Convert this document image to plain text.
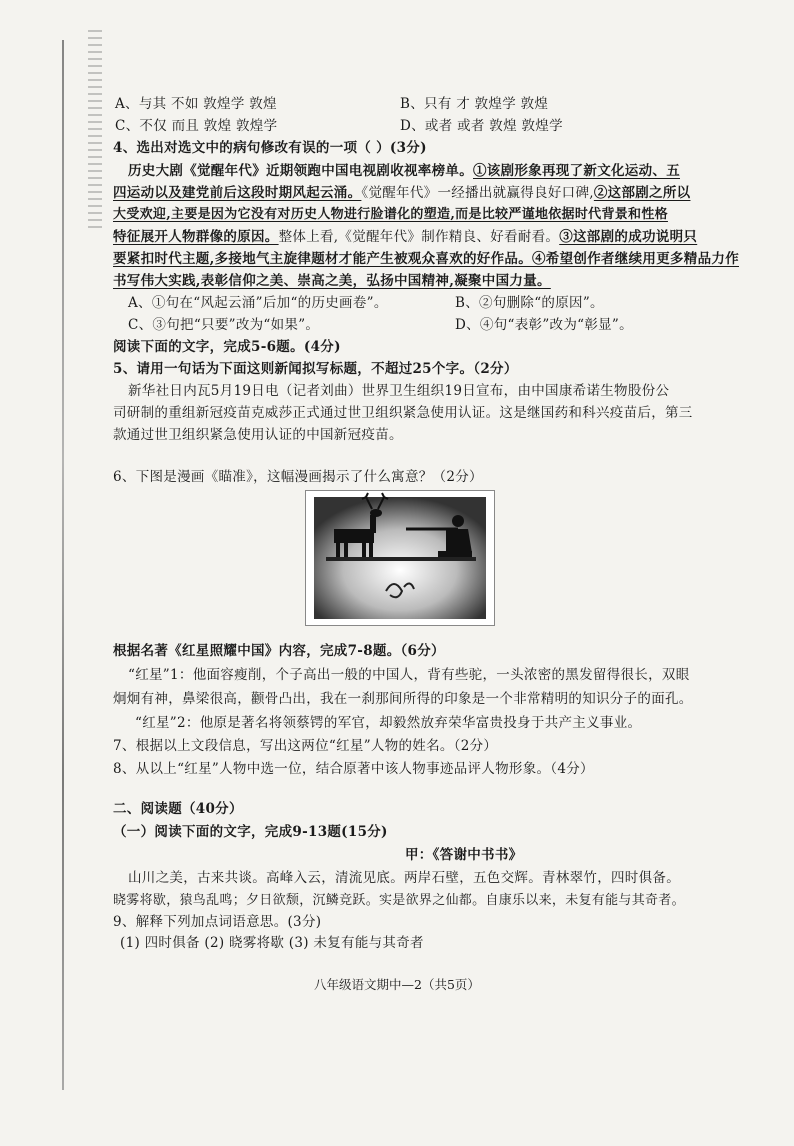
A、与其 不如 敦煌学 敦煌	B、只有 才 敦煌学 敦煌
C、不仅 而且 敦煌 敦煌学	D、或者 或者 敦煌 敦煌学
4、选出对选文中的病句修改有误的一项（ ）(3分)
历史大剧《觉醒年代》近期领跑中国电视剧收视率榜单。①该剧形象再现了新文化运动、五
四运动以及建党前后这段时期风起云涌。《觉醒年代》一经播出就赢得良好口碑,②这部剧之所以
大受欢迎,主要是因为它没有对历史人物进行脸谱化的塑造,而是比较严谨地依据时代背景和性格
特征展开人物群像的原因。整体上看,《觉醒年代》制作精良、好看耐看。③这部剧的成功说明只
要紧扣时代主题,多接地气主旋律题材才能产生被观众喜欢的好作品。④希望创作者继续用更多精品力作
书写伟大实践,表彰信仰之美、崇高之美，弘扬中国精神,凝聚中国力量。
A、①句在“风起云涌”后加“的历史画卷”。	B、②句删除“的原因”。
C、③句把“只要”改为“如果”。	D、④句“表彰”改为“彰显”。
阅读下面的文字，完成5-6题。(4分)
5、请用一句话为下面这则新闻拟写标题，不超过25个字。（2分）
新华社日内瓦5月19日电（记者刘曲）世界卫生组织19日宣布，由中国康希诺生物股份公
司研制的重组新冠疫苗克威莎正式通过世卫组织紧急使用认证。这是继国药和科兴疫苗后，第三
款通过世卫组织紧急使用认证的中国新冠疫苗。
6、下图是漫画《瞄准》，这幅漫画揭示了什么寓意？（2分）
根据名著《红星照耀中国》内容，完成7-8题。（6分）
“红星”1：他面容瘦削，个子高出一般的中国人，背有些驼，一头浓密的黑发留得很长，双眼
炯炯有神，鼻梁很高，颧骨凸出，我在一刹那间所得的印象是一个非常精明的知识分子的面孔。
“红星”2：他原是著名将领蔡锷的军官，却毅然放弃荣华富贵投身于共产主义事业。
7、根据以上文段信息，写出这两位“红星”人物的姓名。（2分）
8、从以上“红星”人物中选一位，结合原著中该人物事迹品评人物形象。（4分）
二、阅读题（40分）
（一）阅读下面的文字，完成9-13题(15分)
甲：《答谢中书书》
山川之美，古来共谈。高峰入云，清流见底。两岸石壁，五色交辉。青林翠竹，四时俱备。
晓雾将歇，猿鸟乱鸣；夕日欲颓，沉鳞竞跃。实是欲界之仙都。自康乐以来，未复有能与其奇者。
9、解释下列加点词语意思。(3分)
(1) 四时俱备 (2) 晓雾将歇 (3) 未复有能与其奇者
八年级语文期中—2（共5页）
